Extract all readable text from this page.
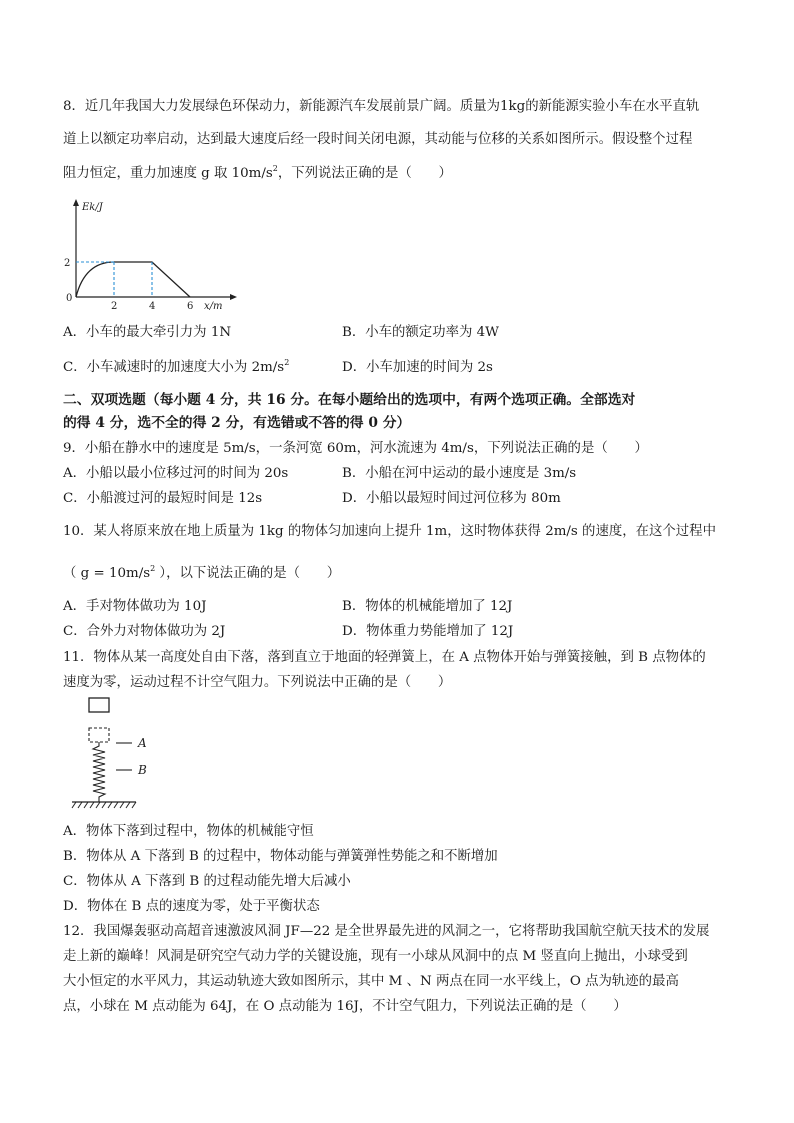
8．近几年我国大力发展绿色环保动力，新能源汽车发展前景广阔。质量为1kg的新能源实验小车在水平直轨
道上以额定功率启动，达到最大速度后经一段时间关闭电源，其动能与位移的关系如图所示。假设整个过程
阻力恒定，重力加速度 g 取 $10m/s^2$，下列说法正确的是（　　）
2	4	6
2
0
Ek/J
x/m
A．小车的最大牵引力为 1N	B．小车的额定功率为 4W
C．小车减速时的加速度大小为 $2m/s^2$	D．小车加速的时间为 2s
二、双项选题（每小题 4 分，共 16 分。在每小题给出的选项中，有两个选项正确。全部选对
的得 4 分，选不全的得 2 分，有选错或不答的得 0 分）
9．小船在静水中的速度是 5m/s，一条河宽 60m，河水流速为 4m/s，下列说法正确的是（　　）
A．小船以最小位移过河的时间为 20s	B．小船在河中运动的最小速度是 3m/s
C．小船渡过河的最短时间是 12s	D．小船以最短时间过河位移为 80m
10．某人将原来放在地上质量为 1kg 的物体匀加速向上提升 1m，这时物体获得 2m/s 的速度，在这个过程中
（ $g = 10m/s^2$ ），以下说法正确的是（　　）
A．手对物体做功为 10J	B．物体的机械能增加了 12J
C．合外力对物体做功为 2J	D．物体重力势能增加了 12J
11．物体从某一高度处自由下落，落到直立于地面的轻弹簧上，在 A 点物体开始与弹簧接触，到 B 点物体的
速度为零，运动过程不计空气阻力。下列说法中正确的是（　　）
A
B
A．物体下落到过程中，物体的机械能守恒
B．物体从 A 下落到 B 的过程中，物体动能与弹簧弹性势能之和不断增加
C．物体从 A 下落到 B 的过程动能先增大后减小
D．物体在 B 点的速度为零，处于平衡状态
12．我国爆轰驱动高超音速激波风洞 JF—22 是全世界最先进的风洞之一，它将帮助我国航空航天技术的发展
走上新的巅峰！风洞是研究空气动力学的关键设施，现有一小球从风洞中的点 M 竖直向上抛出，小球受到
大小恒定的水平风力，其运动轨迹大致如图所示，其中 M 、N 两点在同一水平线上，O 点为轨迹的最高
点，小球在 M 点动能为 64J，在 O 点动能为 16J，不计空气阻力，下列说法正确的是（　　）
